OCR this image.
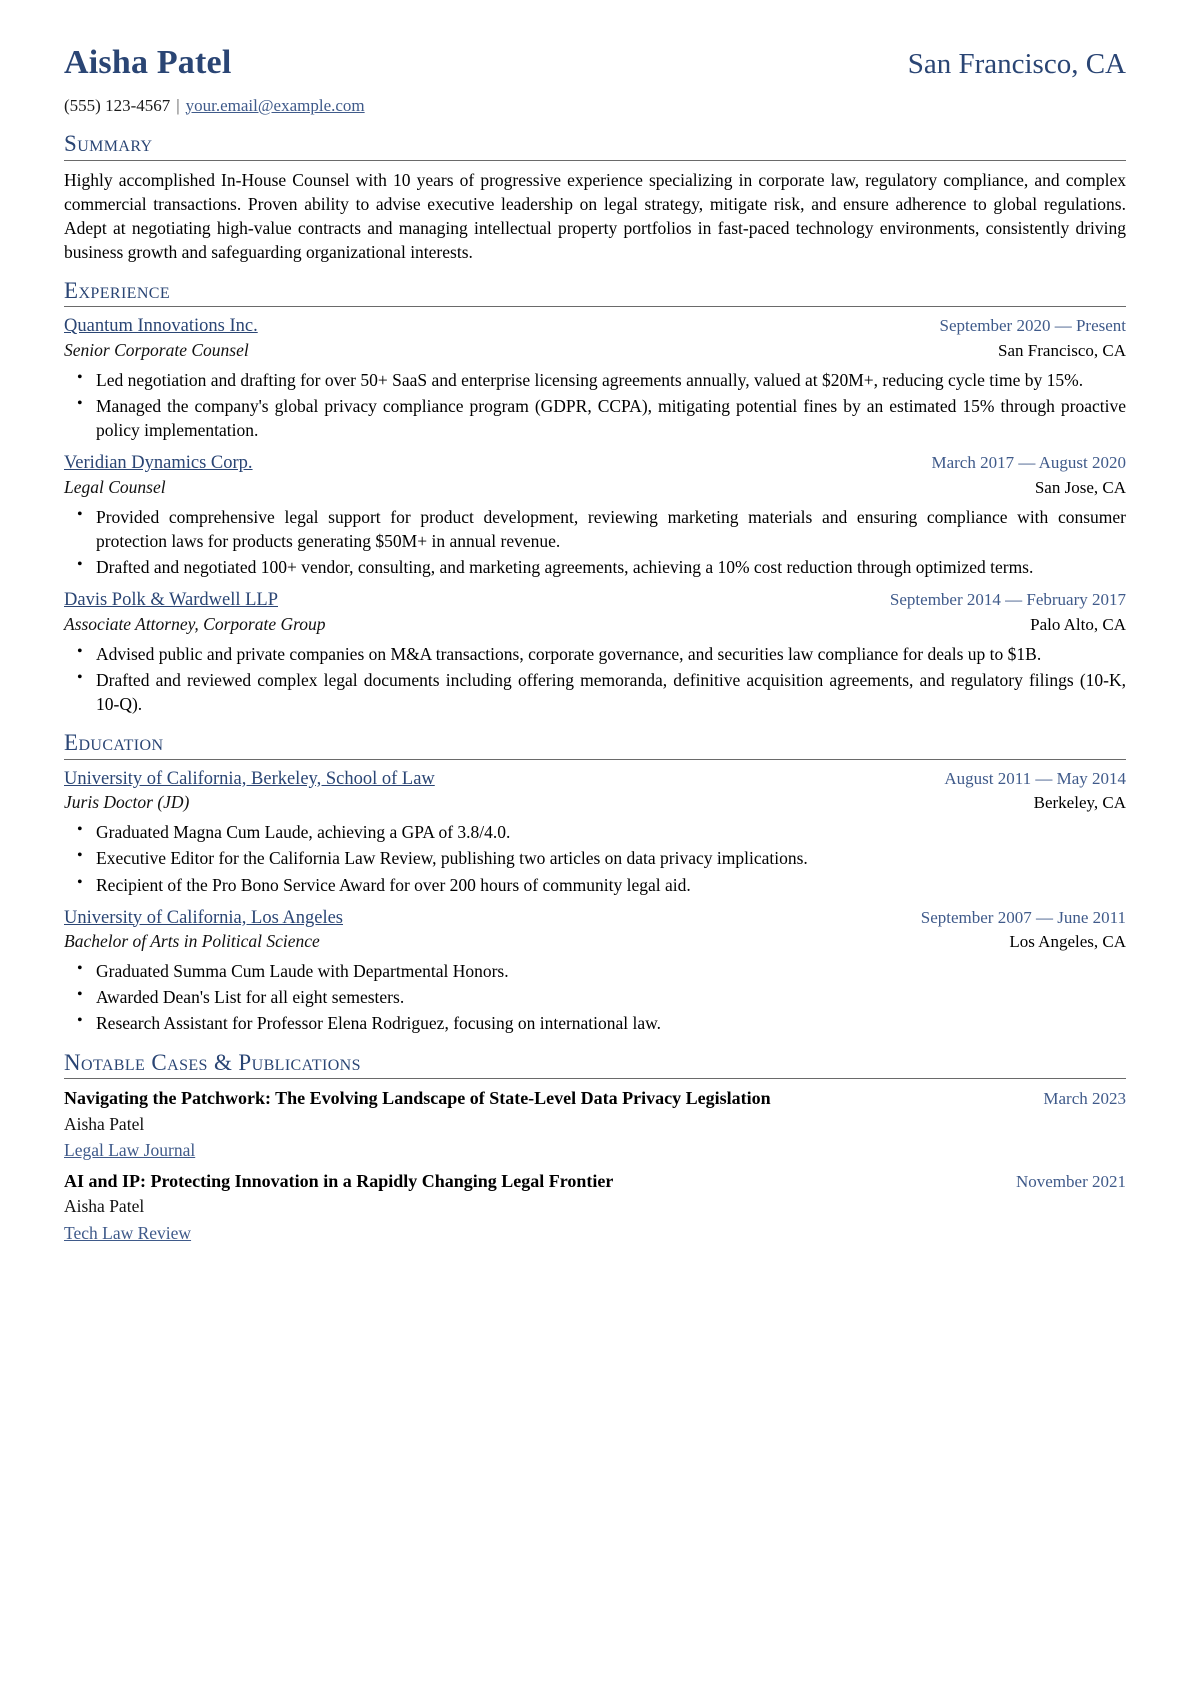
Aisha Patel	San Francisco, CA
(555) 123-4567 | your.email@example.com
Summary
Highly accomplished In-House Counsel with 10 years of progressive experience specializing in corporate law, regulatory compliance, and complex commercial transactions. Proven ability to advise executive leadership on legal strategy, mitigate risk, and ensure adherence to global regulations. Adept at negotiating high-value contracts and managing intellectual property portfolios in fast-paced technology environments, consistently driving business growth and safeguarding organizational interests.
Experience
Quantum Innovations Inc.	September 2020 — Present
Senior Corporate Counsel	San Francisco, CA
• Led negotiation and drafting for over 50+ SaaS and enterprise licensing agreements annually, valued at $20M+, reducing cycle time by 15%.
• Managed the company's global privacy compliance program (GDPR, CCPA), mitigating potential fines by an estimated 15% through proactive policy implementation.
Veridian Dynamics Corp.	March 2017 — August 2020
Legal Counsel	San Jose, CA
• Provided comprehensive legal support for product development, reviewing marketing materials and ensuring compliance with consumer protection laws for products generating $50M+ in annual revenue.
• Drafted and negotiated 100+ vendor, consulting, and marketing agreements, achieving a 10% cost reduction through optimized terms.
Davis Polk & Wardwell LLP	September 2014 — February 2017
Associate Attorney, Corporate Group	Palo Alto, CA
• Advised public and private companies on M&A transactions, corporate governance, and securities law compliance for deals up to $1B.
• Drafted and reviewed complex legal documents including offering memoranda, definitive acquisition agreements, and regulatory filings (10-K, 10-Q).
Education
University of California, Berkeley, School of Law	August 2011 — May 2014
Juris Doctor (JD)	Berkeley, CA
• Graduated Magna Cum Laude, achieving a GPA of 3.8/4.0.
• Executive Editor for the California Law Review, publishing two articles on data privacy implications.
• Recipient of the Pro Bono Service Award for over 200 hours of community legal aid.
University of California, Los Angeles	September 2007 — June 2011
Bachelor of Arts in Political Science	Los Angeles, CA
• Graduated Summa Cum Laude with Departmental Honors.
• Awarded Dean's List for all eight semesters.
• Research Assistant for Professor Elena Rodriguez, focusing on international law.
Notable Cases & Publications
Navigating the Patchwork: The Evolving Landscape of State-Level Data Privacy Legislation	March 2023
Aisha Patel
Legal Law Journal
AI and IP: Protecting Innovation in a Rapidly Changing Legal Frontier	November 2021
Aisha Patel
Tech Law Review
